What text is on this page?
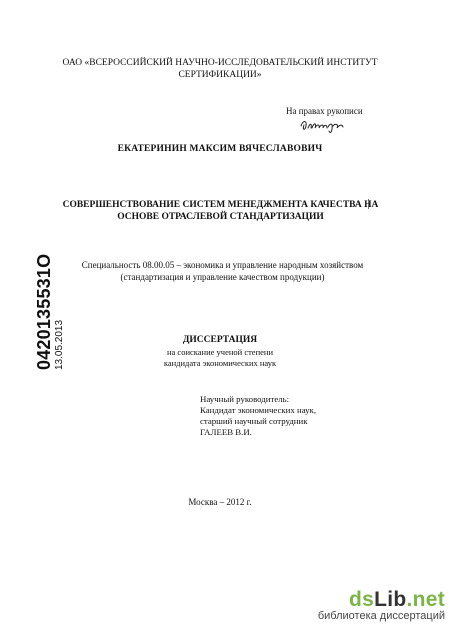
ОАО «ВСЕРОССИЙСКИЙ НАУЧНО-ИССЛЕДОВАТЕЛЬСКИЙ ИНСТИТУТ
СЕРТИФИКАЦИИ»
На правах рукописи
ЕКАТЕРИНИН МАКСИМ ВЯЧЕСЛАВОВИЧ
СОВЕРШЕНСТВОВАНИЕ СИСТЕМ МЕНЕДЖМЕНТА КАЧЕСТВА НА
ОСНОВЕ ОТРАСЛЕВОЙ СТАНДАРТИЗАЦИИ
Специальность 08.00.05 – экономика и управление народным хозяйством
(стандартизация и управление качеством продукции)
ДИССЕРТАЦИЯ
на соискание ученой степени
кандидата экономических наук
Научный руководитель:
Кандидат экономических наук,
старший научный сотрудник
ГАЛЕЕВ В.И.
Москва – 2012 г.
0420135531О 13.05.2013
dsLib.net
библиотека диссертаций
